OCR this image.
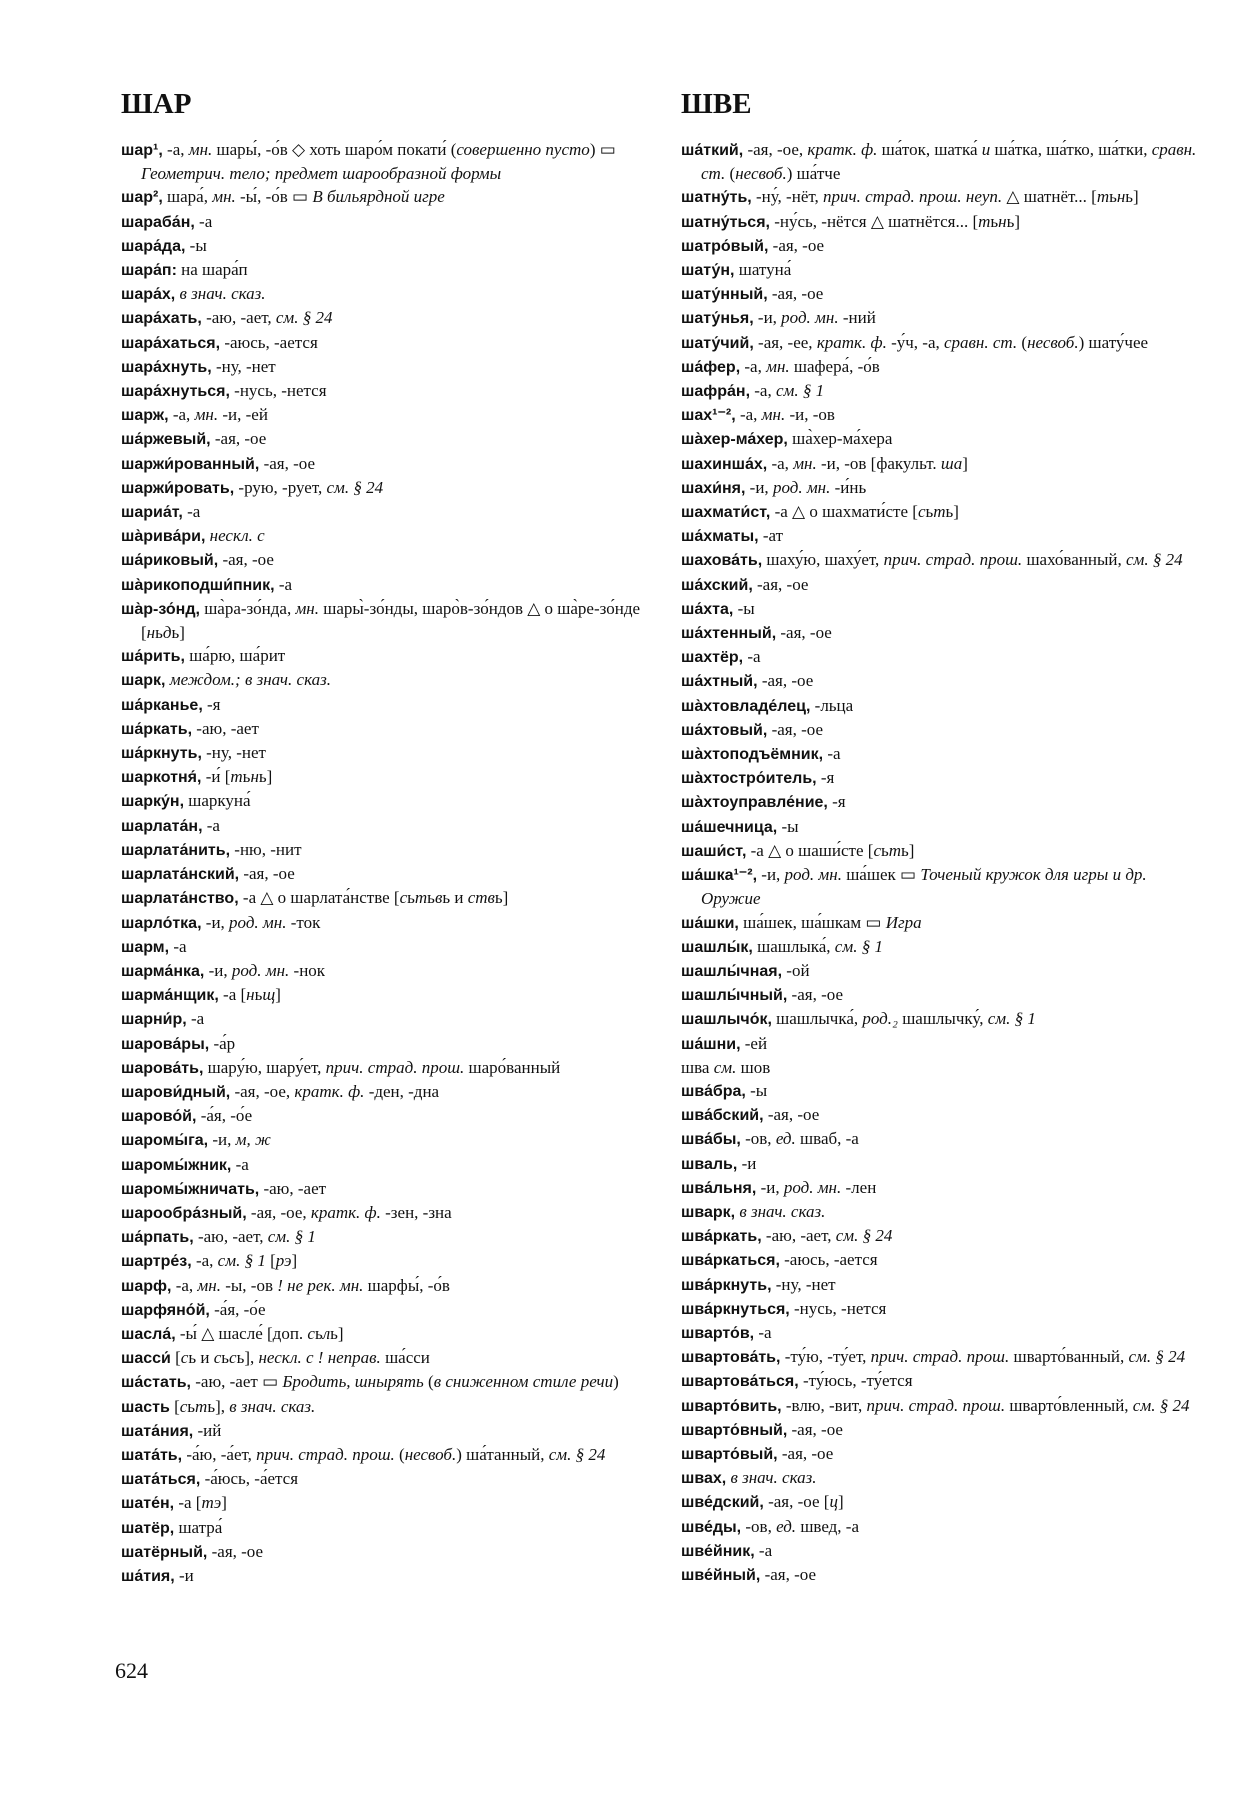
ШАР
шар¹, -а, мн. шары́, -о́в ◇ хоть шаро́м покати́ (совершенно пусто) ▭ Геометрич. тело; предмет шарообразной формы
шар², шара́, мн. -ы́, -о́в ▭ В бильярдной игре
шараба́н, -а
шара́да, -ы
шара́п: на шара́п
шара́х, в знач. сказ.
шара́хать, -аю, -ает, см. § 24
шара́хаться, -аюсь, -ается
шара́хнуть, -ну, -нет
шара́хнуться, -нусь, -нется
шарж, -а, мн. -и, -ей
ша́ржевый, -ая, -ое
шаржи́рованный, -ая, -ое
шаржи́ровать, -рую, -рует, см. § 24
шариа́т, -а
ша̀рива́ри, нескл. с
ша́риковый, -ая, -ое
ша̀рикоподши́пник, -а
ша̀р-зо́нд, ша̀ра-зо́нда, мн. шары̀-зо́нды, шаро̀в-зо́ндов △ о ша̀ре-зо́нде [ньдь]
ша́рить, ша́рю, ша́рит
шарк, междом.; в знач. сказ.
ша́рканье, -я
ша́ркать, -аю, -ает
ша́ркнуть, -ну, -нет
шаркотня́, -и́ [тьнь]
шарку́н, шаркуна́
шарлата́н, -а
шарлата́нить, -ню, -нит
шарлата́нский, -ая, -ое
шарлата́нство, -а △ о шарлата́нстве [сьтьвь и ствь]
шарло́тка, -и, род. мн. -ток
шарм, -а
шарма́нка, -и, род. мн. -нок
шарма́нщик, -а [ньщ]
шарни́р, -а
шарова́ры, -а́р
шарова́ть, шару́ю, шару́ет, прич. страд. прош. шаро́ванный
шарови́дный, -ая, -ое, кратк. ф. -ден, -дна
шарово́й, -а́я, -о́е
шаромы́га, -и, м, ж
шаромы́жник, -а
шаромы́жничать, -аю, -ает
шарообра́зный, -ая, -ое, кратк. ф. -зен, -зна
ша́рпать, -аю, -ает, см. § 1
шартре́з, -а, см. § 1 [рэ]
шарф, -а, мн. -ы, -ов ! не рек. мн. шарфы́, -о́в
шарфяно́й, -а́я, -о́е
шасла́, -ы́ △ шасле́ [доп. сьль]
шасси́ [сь и сьсь], нескл. с ! неправ. ша́сси
ша́стать, -аю, -ает ▭ Бродить, шнырять (в сниженном стиле речи)
шасть [сьть], в знач. сказ.
шата́ния, -ий
шата́ть, -а́ю, -а́ет, прич. страд. прош. (несвоб.) ша́танный, см. § 24
шата́ться, -а́юсь, -а́ется
шате́н, -а [тэ]
шатёр, шатра́
шатёрный, -ая, -ое
ша́тия, -и
ШВЕ
ша́ткий, -ая, -ое, кратк. ф. ша́ток, шатка́ и ша́тка, ша́тко, ша́тки, сравн. ст. (несвоб.) ша́тче
шатну́ть, -ну́, -нёт, прич. страд. прош. неуп. △ шатнёт... [тьнь]
шатну́ться, -ну́сь, -нётся △ шатнётся... [тьнь]
шатро́вый, -ая, -ое
шату́н, шатуна́
шату́нный, -ая, -ое
шату́нья, -и, род. мн. -ний
шату́чий, -ая, -ее, кратк. ф. -у́ч, -а, сравн. ст. (несвоб.) шату́чее
ша́фер, -а, мн. шафера́, -о́в
шафра́н, -а, см. § 1
шах¹⁻², -а, мн. -и, -ов
ша̀хер-ма́хер, ша̀хер-ма́хера
шахинша́х, -а, мн. -и, -ов [факульт. ша]
шахи́ня, -и, род. мн. -и́нь
шахмати́ст, -а △ о шахмати́сте [сьть]
ша́хматы, -ат
шахова́ть, шаху́ю, шаху́ет, прич. страд. прош. шахо́ванный, см. § 24
ша́хский, -ая, -ое
ша́хта, -ы
ша́хтенный, -ая, -ое
шахтёр, -а
ша́хтный, -ая, -ое
ша̀хтовладе́лец, -льца
ша́хтовый, -ая, -ое
ша̀хтоподъёмник, -а
ша̀хтостро́итель, -я
ша̀хтоуправле́ние, -я
ша́шечница, -ы
шаши́ст, -а △ о шаши́сте [сьть]
ша́шка¹⁻², -и, род. мн. ша́шек ▭ Точеный кружок для игры и др. Оружие
ша́шки, ша́шек, ша́шкам ▭ Игра
шашлы́к, шашлыка́, см. § 1
шашлы́чная, -ой
шашлы́чный, -ая, -ое
шашлычо́к, шашлычка́, род.₂ шашлычку́, см. § 1
ша́шни, -ей
шва см. шов
шва́бра, -ы
шва́бский, -ая, -ое
шва́бы, -ов, ед. шваб, -а
шваль, -и
шва́льня, -и, род. мн. -лен
шварк, в знач. сказ.
шва́ркать, -аю, -ает, см. § 24
шва́ркаться, -аюсь, -ается
шва́ркнуть, -ну, -нет
шва́ркнуться, -нусь, -нется
шварто́в, -а
швартова́ть, -ту́ю, -ту́ет, прич. страд. прош. шварто́ванный, см. § 24
швартова́ться, -ту́юсь, -ту́ется
шварто́вить, -влю, -вит, прич. страд. прош. шварто́вленный, см. § 24
шварто́вный, -ая, -ое
шварто́вый, -ая, -ое
швах, в знач. сказ.
шве́дский, -ая, -ое [ц]
шве́ды, -ов, ед. швед, -а
шве́йник, -а
шве́йный, -ая, -ое
624
